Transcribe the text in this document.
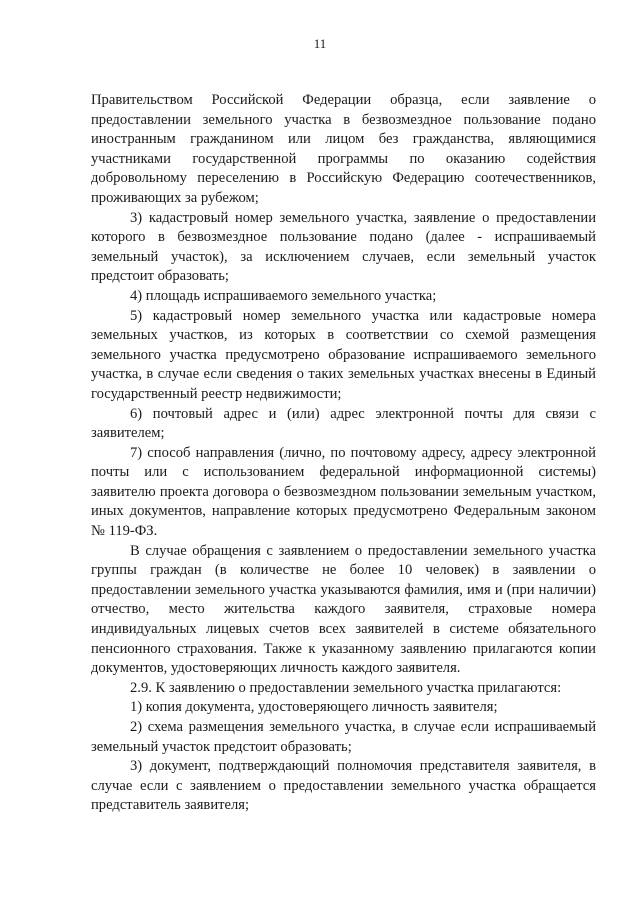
11

Правительством Российской Федерации образца, если заявление о предоставлении земельного участка в безвозмездное пользование подано иностранным гражданином или лицом без гражданства, являющимися участниками государственной программы по оказанию содействия добровольному переселению в Российскую Федерацию соотечественников, проживающих за рубежом;

3) кадастровый номер земельного участка, заявление о предоставлении которого в безвозмездное пользование подано (далее - испрашиваемый земельный участок), за исключением случаев, если земельный участок предстоит образовать;

4) площадь испрашиваемого земельного участка;

5) кадастровый номер земельного участка или кадастровые номера земельных участков, из которых в соответствии со схемой размещения земельного участка предусмотрено образование испрашиваемого земельного участка, в случае если сведения о таких земельных участках внесены в Единый государственный реестр недвижимости;

6) почтовый адрес и (или) адрес электронной почты для связи с заявителем;

7) способ направления (лично, по почтовому адресу, адресу электронной почты или с использованием федеральной информационной системы) заявителю проекта договора о безвозмездном пользовании земельным участком, иных документов, направление которых предусмотрено Федеральным законом № 119-ФЗ.

В случае обращения с заявлением о предоставлении земельного участка группы граждан (в количестве не более 10 человек) в заявлении о предоставлении земельного участка указываются фамилия, имя и (при наличии) отчество, место жительства каждого заявителя, страховые номера индивидуальных лицевых счетов всех заявителей в системе обязательного пенсионного страхования. Также к указанному заявлению прилагаются копии документов, удостоверяющих личность каждого заявителя.

2.9. К заявлению о предоставлении земельного участка прилагаются:

1) копия документа, удостоверяющего личность заявителя;

2) схема размещения земельного участка, в случае если испрашиваемый земельный участок предстоит образовать;

3) документ, подтверждающий полномочия представителя заявителя, в случае если с заявлением о предоставлении земельного участка обращается представитель заявителя;
